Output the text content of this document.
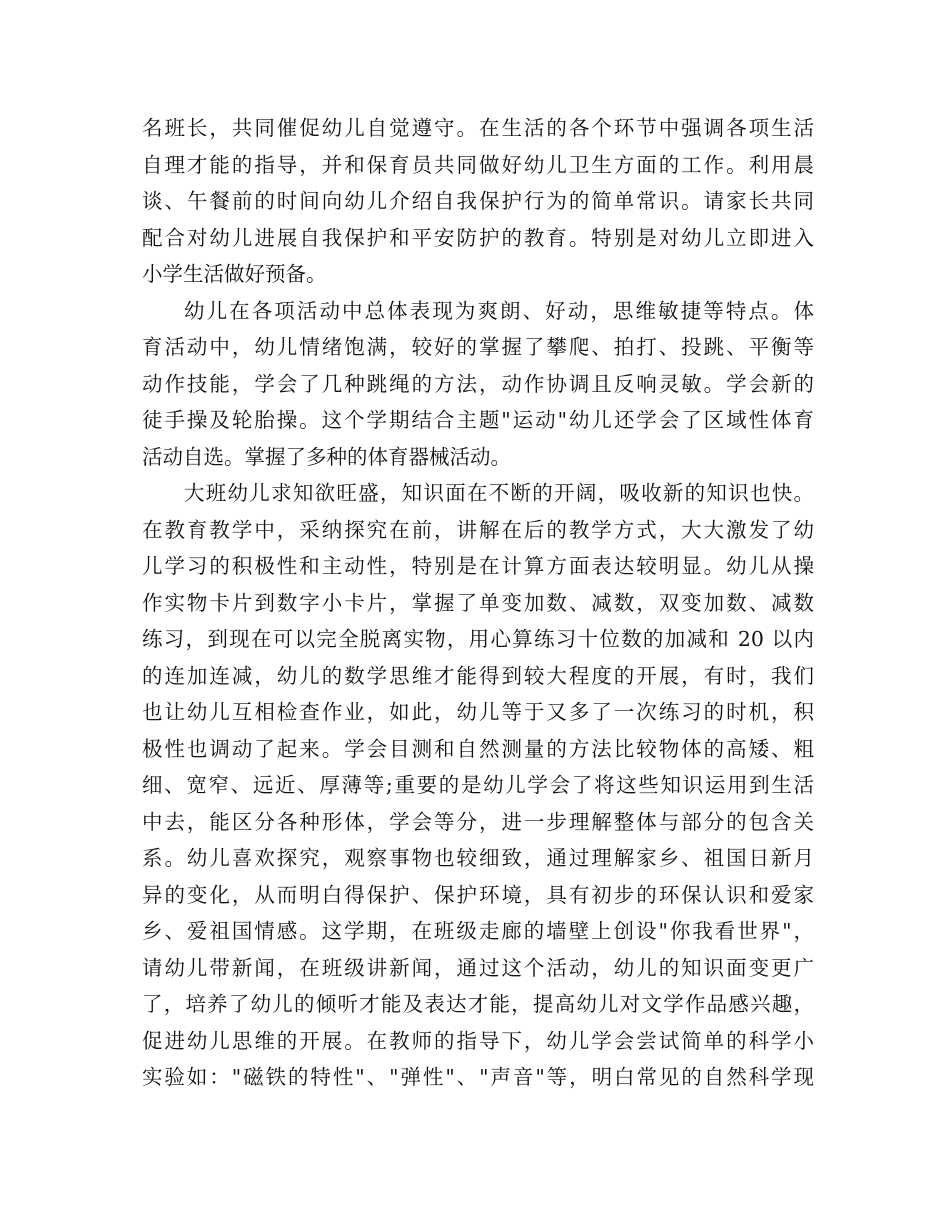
名班长，共同催促幼儿自觉遵守。在生活的各个环节中强调各项生活
自理才能的指导，并和保育员共同做好幼儿卫生方面的工作。利用晨
谈、午餐前的时间向幼儿介绍自我保护行为的简单常识。请家长共同
配合对幼儿进展自我保护和平安防护的教育。特别是对幼儿立即进入
小学生活做好预备。
幼儿在各项活动中总体表现为爽朗、好动，思维敏捷等特点。体
育活动中，幼儿情绪饱满，较好的掌握了攀爬、拍打、投跳、平衡等
动作技能，学会了几种跳绳的方法，动作协调且反响灵敏。学会新的
徒手操及轮胎操。这个学期结合主题"运动"幼儿还学会了区域性体育
活动自选。掌握了多种的体育器械活动。
大班幼儿求知欲旺盛，知识面在不断的开阔，吸收新的知识也快。
在教育教学中，采纳探究在前，讲解在后的教学方式，大大激发了幼
儿学习的积极性和主动性，特别是在计算方面表达较明显。幼儿从操
作实物卡片到数字小卡片，掌握了单变加数、减数，双变加数、减数
练习，到现在可以完全脱离实物，用心算练习十位数的加减和 20 以内
的连加连减，幼儿的数学思维才能得到较大程度的开展，有时，我们
也让幼儿互相检查作业，如此，幼儿等于又多了一次练习的时机，积
极性也调动了起来。学会目测和自然测量的方法比较物体的高矮、粗
细、宽窄、远近、厚薄等;重要的是幼儿学会了将这些知识运用到生活
中去，能区分各种形体，学会等分，进一步理解整体与部分的包含关
系。幼儿喜欢探究，观察事物也较细致，通过理解家乡、祖国日新月
异的变化，从而明白得保护、保护环境，具有初步的环保认识和爱家
乡、爱祖国情感。这学期，在班级走廊的墙壁上创设"你我看世界"，
请幼儿带新闻，在班级讲新闻，通过这个活动，幼儿的知识面变更广
了，培养了幼儿的倾听才能及表达才能，提高幼儿对文学作品感兴趣，
促进幼儿思维的开展。在教师的指导下，幼儿学会尝试简单的科学小
实验如："磁铁的特性"、"弹性"、"声音"等，明白常见的自然科学现
